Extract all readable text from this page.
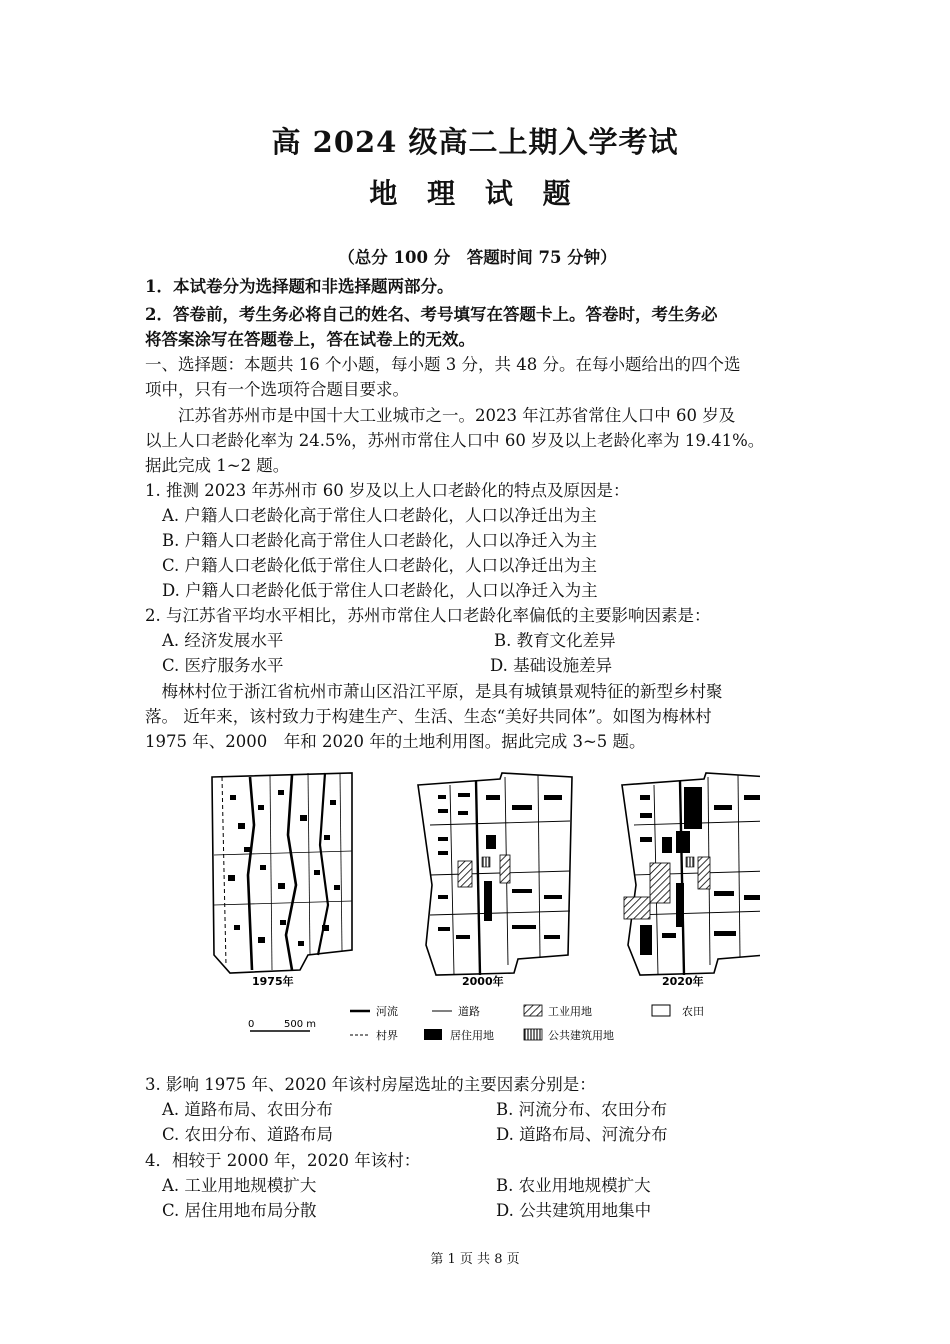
高 2024 级高二上期入学考试
地 理 试 题
（总分 100 分　答题时间 75 分钟）
1．本试卷分为选择题和非选择题两部分。
2．答卷前，考生务必将自己的姓名、考号填写在答题卡上。答卷时，考生务必
将答案涂写在答题卷上，答在试卷上的无效。
一、选择题：本题共 16 个小题，每小题 3 分，共 48 分。在每小题给出的四个选
项中，只有一个选项符合题目要求。
　　江苏省苏州市是中国十大工业城市之一。2023 年江苏省常住人口中 60 岁及
以上人口老龄化率为 24.5%，苏州市常住人口中 60 岁及以上老龄化率为 19.41%。
据此完成 1~2 题。
1. 推测 2023 年苏州市 60 岁及以上人口老龄化的特点及原因是：
A. 户籍人口老龄化高于常住人口老龄化，人口以净迁出为主
B. 户籍人口老龄化高于常住人口老龄化，人口以净迁入为主
C. 户籍人口老龄化低于常住人口老龄化，人口以净迁出为主
D. 户籍人口老龄化低于常住人口老龄化，人口以净迁入为主
2. 与江苏省平均水平相比，苏州市常住人口老龄化率偏低的主要影响因素是：
A. 经济发展水平	B. 教育文化差异
C. 医疗服务水平	D. 基础设施差异
　梅林村位于浙江省杭州市萧山区沿江平原，是具有城镇景观特征的新型乡村聚
落。 近年来，该村致力于构建生产、生活、生态“美好共同体”。如图为梅林村
1975 年、2000　年和 2020 年的土地利用图。据此完成 3~5 题。
1975年	2000年	2020年
河流	道路	工业用地	农田
村界	居住用地	公共建筑用地
0	500 m
3. 影响 1975 年、2020 年该村房屋选址的主要因素分别是：
A. 道路布局、农田分布	B. 河流分布、农田分布
C. 农田分布、道路布局	D. 道路布局、河流分布
4．相较于 2000 年，2020 年该村：
A. 工业用地规模扩大	B. 农业用地规模扩大
C. 居住用地布局分散	D. 公共建筑用地集中
第 1 页 共 8 页
